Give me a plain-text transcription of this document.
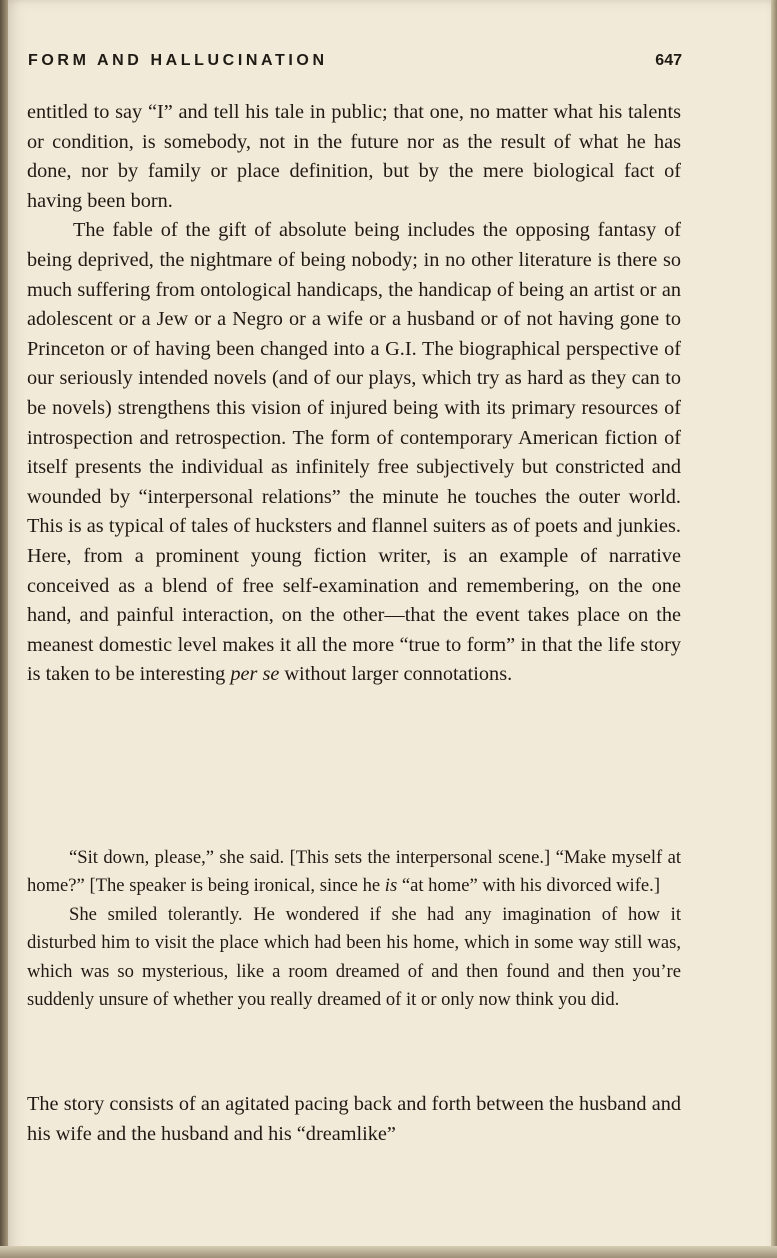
FORM AND HALLUCINATION	647

entitled to say “I” and tell his tale in public; that one, no matter what his talents or condition, is somebody, not in the future nor as the result of what he has done, nor by family or place definition, but by the mere biological fact of having been born.

The fable of the gift of absolute being includes the opposing fantasy of being deprived, the nightmare of being nobody; in no other literature is there so much suffering from ontological handicaps, the handicap of being an artist or an adolescent or a Jew or a Negro or a wife or a husband or of not having gone to Princeton or of having been changed into a G.I. The biographical perspective of our seriously intended novels (and of our plays, which try as hard as they can to be novels) strengthens this vision of injured being with its primary resources of introspection and retrospection. The form of contemporary American fiction of itself presents the individual as infinitely free subjectively but constricted and wounded by “interpersonal relations” the minute he touches the outer world. This is as typical of tales of hucksters and flannel suiters as of poets and junkies. Here, from a prominent young fiction writer, is an example of narrative conceived as a blend of free self-examination and remembering, on the one hand, and painful interaction, on the other—that the event takes place on the meanest domestic level makes it all the more “true to form” in that the life story is taken to be interesting per se without larger connotations.

“Sit down, please,” she said. [This sets the interpersonal scene.] “Make myself at home?” [The speaker is being ironical, since he is “at home” with his divorced wife.]

She smiled tolerantly. He wondered if she had any imagination of how it disturbed him to visit the place which had been his home, which in some way still was, which was so mysterious, like a room dreamed of and then found and then you’re suddenly unsure of whether you really dreamed of it or only now think you did.

The story consists of an agitated pacing back and forth between the husband and his wife and the husband and his “dreamlike”
